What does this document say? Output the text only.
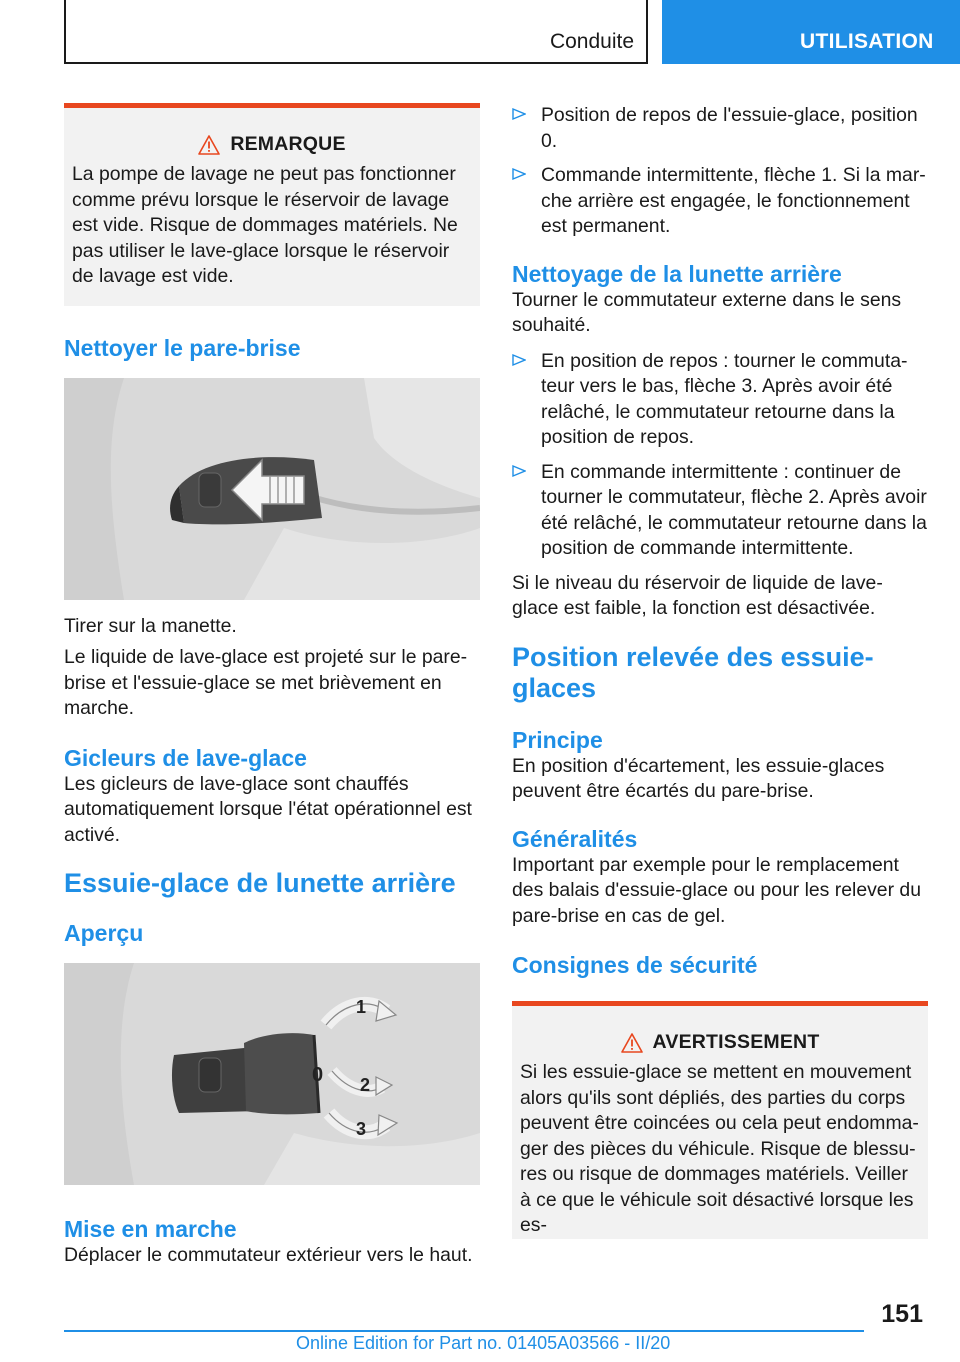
Conduite	UTILISATION
REMARQUE

La pompe de lavage ne peut pas fonctionner comme prévu lorsque le réservoir de lavage est vide. Risque de dommages matériels. Ne pas utiliser le lave-glace lorsque le réservoir de lavage est vide.

Nettoyer le pare-brise

Tirer sur la manette.

Le liquide de lave-glace est projeté sur le pare-brise et l'essuie-glace se met brièvement en marche.

Gicleurs de lave-glace

Les gicleurs de lave-glace sont chauffés automatiquement lorsque l'état opérationnel est activé.

Essuie-glace de lunette arrière
Aperçu
1
0 2
3
Mise en marche

Déplacer le commutateur extérieur vers le haut.

Position de repos de l'essuie-glace, position 0.
Commande intermittente, flèche 1. Si la marche arrière est engagée, le fonctionnement est permanent.
Nettoyage de la lunette arrière

Tourner le commutateur externe dans le sens souhaité.

En position de repos : tourner le commutateur vers le bas, flèche 3. Après avoir été relâché, le commutateur retourne dans la position de repos.
En commande intermittente : continuer de tourner le commutateur, flèche 2. Après avoir été relâché, le commutateur retourne dans la position de commande intermittente.

Si le niveau du réservoir de liquide de lave-glace est faible, la fonction est désactivée.

Position relevée des essuie-glaces
Principe

En position d'écartement, les essuie-glaces peuvent être écartés du pare-brise.

Généralités

Important par exemple pour le remplacement des balais d'essuie-glace ou pour les relever du pare-brise en cas de gel.

Consignes de sécurité
AVERTISSEMENT

Si les essuie-glace se mettent en mouvement alors qu'ils sont dépliés, des parties du corps peuvent être coincées ou cela peut endommager des pièces du véhicule. Risque de blessures ou risque de dommages matériels. Veiller à ce que le véhicule soit désactivé lorsque les es-

151
Online Edition for Part no. 01405A03566 - II/20
